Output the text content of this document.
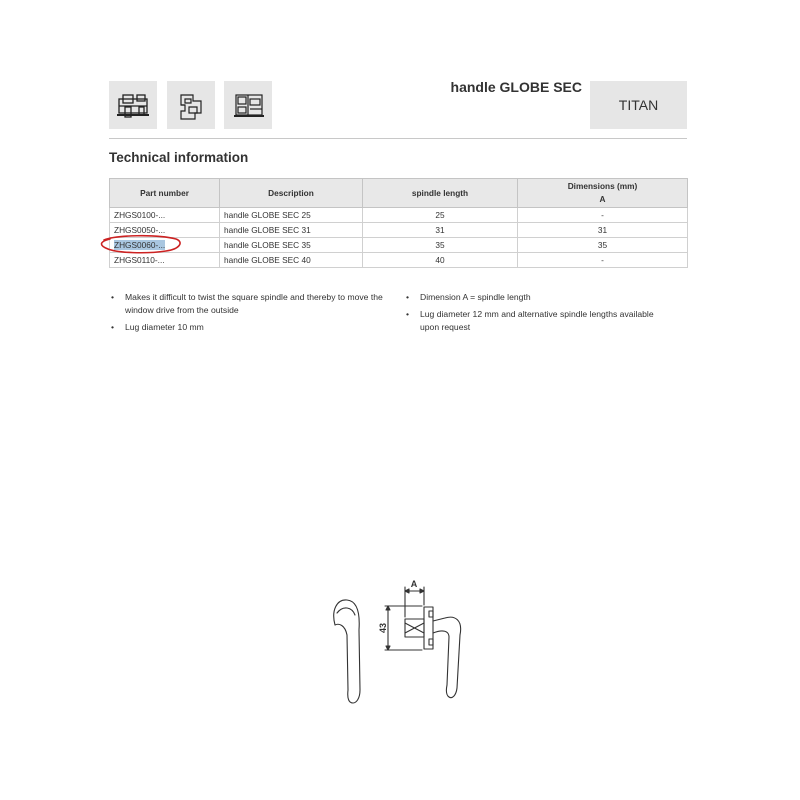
handle GLOBE SEC
TITAN
Technical information
Part number	Description	spindle length	Dimensions (mm)
A

ZHGS0100-...	handle GLOBE SEC 25	25	-
ZHGS0050-...	handle GLOBE SEC 31	31	31
ZHGS0060-...	handle GLOBE SEC 35	35	35
ZHGS0110-...	handle GLOBE SEC 40	40	-
• Makes it difficult to twist the square spindle and thereby to move the window drive from the outside
• Lug diameter 10 mm
• Dimension A = spindle length
• Lug diameter 12 mm and alternative spindle lengths available upon request
A
43
